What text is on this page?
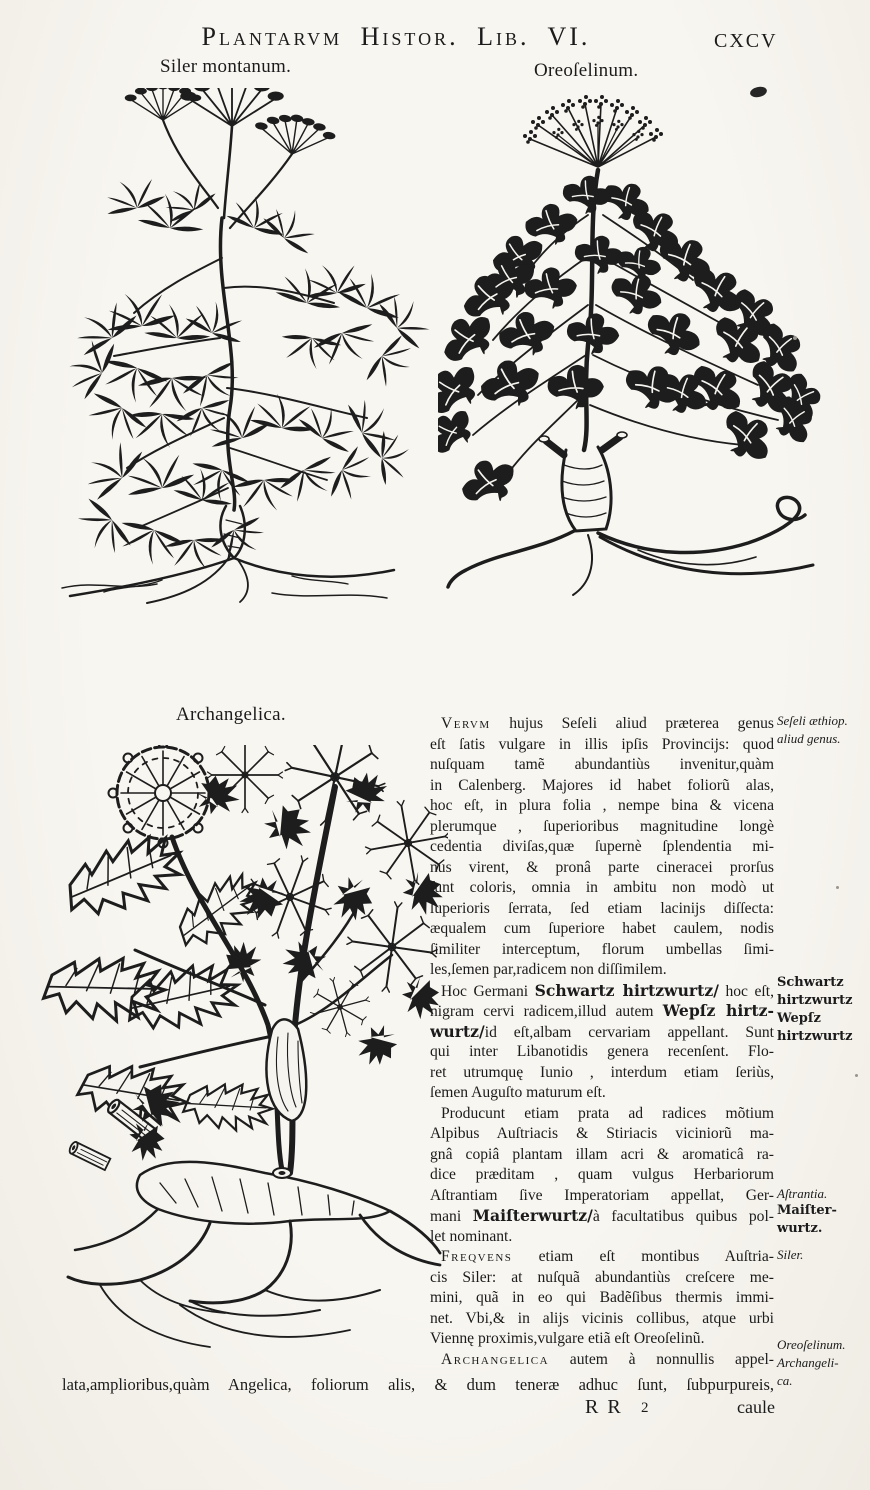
Plantarvm Histor. Lib. VI.	CXCV
Siler montanum.	Oreoſelinum.
Archangelica.	Vervm hujus Seſeli aliud præterea genus
eſt ſatis vulgare in illis ipſis Provincijs: quod
nuſquam tamẽ abundantiùs invenitur,quàm
in Calenberg. Majores id habet foliorũ alas,
hoc eſt, in plura folia , nempe bina & vicena
plerumque , ſuperioribus magnitudine longè
cedentia diviſas,quæ ſupernè ſplendentia mi-
nus virent, & pronâ parte cineracei prorſus
ſunt coloris, omnia in ambitu non modò ut
ſuperioris ſerrata, ſed etiam lacinijs diſſecta:
æqualem cum ſuperiore habet caulem, nodis
ſimiliter interceptum, florum umbellas ſimi-
les,ſemen par,radicem non diſſimilem.
Hoc Germani Schwartz hirtzwurtz/ hoc eſt,
nigram cervi radicem,illud autem Wepſz hirtz-
wurtz/id eſt,albam cervariam appellant. Sunt
qui inter Libanotidis genera recenſent. Flo-
ret utrumquę Iunio , interdum etiam ſeriùs,
ſemen Auguſto maturum eſt.
Producunt etiam prata ad radices mõtium
Alpibus Auſtriacis & Stiriacis viciniorũ ma-
gnâ copiâ plantam illam acri & aromaticâ ra-
dice præditam , quam vulgus Herbariorum
Aſtrantiam ſive Imperatoriam appellat, Ger-
mani Maiſterwurtz/à facultatibus quibus pol-
let nominant.
Freqvens etiam eſt montibus Auſtria-
cis Siler: at nuſquã abundantiùs creſcere me-
mini, quã in eo qui Badẽſibus thermis immi-
net. Vbi,& in alijs vicinis collibus, atque urbi
Viennę proximis,vulgare etiã eſt Oreoſelinũ.
Archangelica autem à nonnullis appel-
Seſeli æthiop.
aliud genus.
Schwartz
hirtzwurtz
Wepſz
hirtzwurtz
Aſtrantia.
Maiſter-
wurtz.
Siler.
Oreoſelinum.
Archangeli-
ca.
lata,amplioribus,quàm Angelica, foliorum alis, & dum teneræ adhuc ſunt, ſubpurpureis,
RR 2	caule
